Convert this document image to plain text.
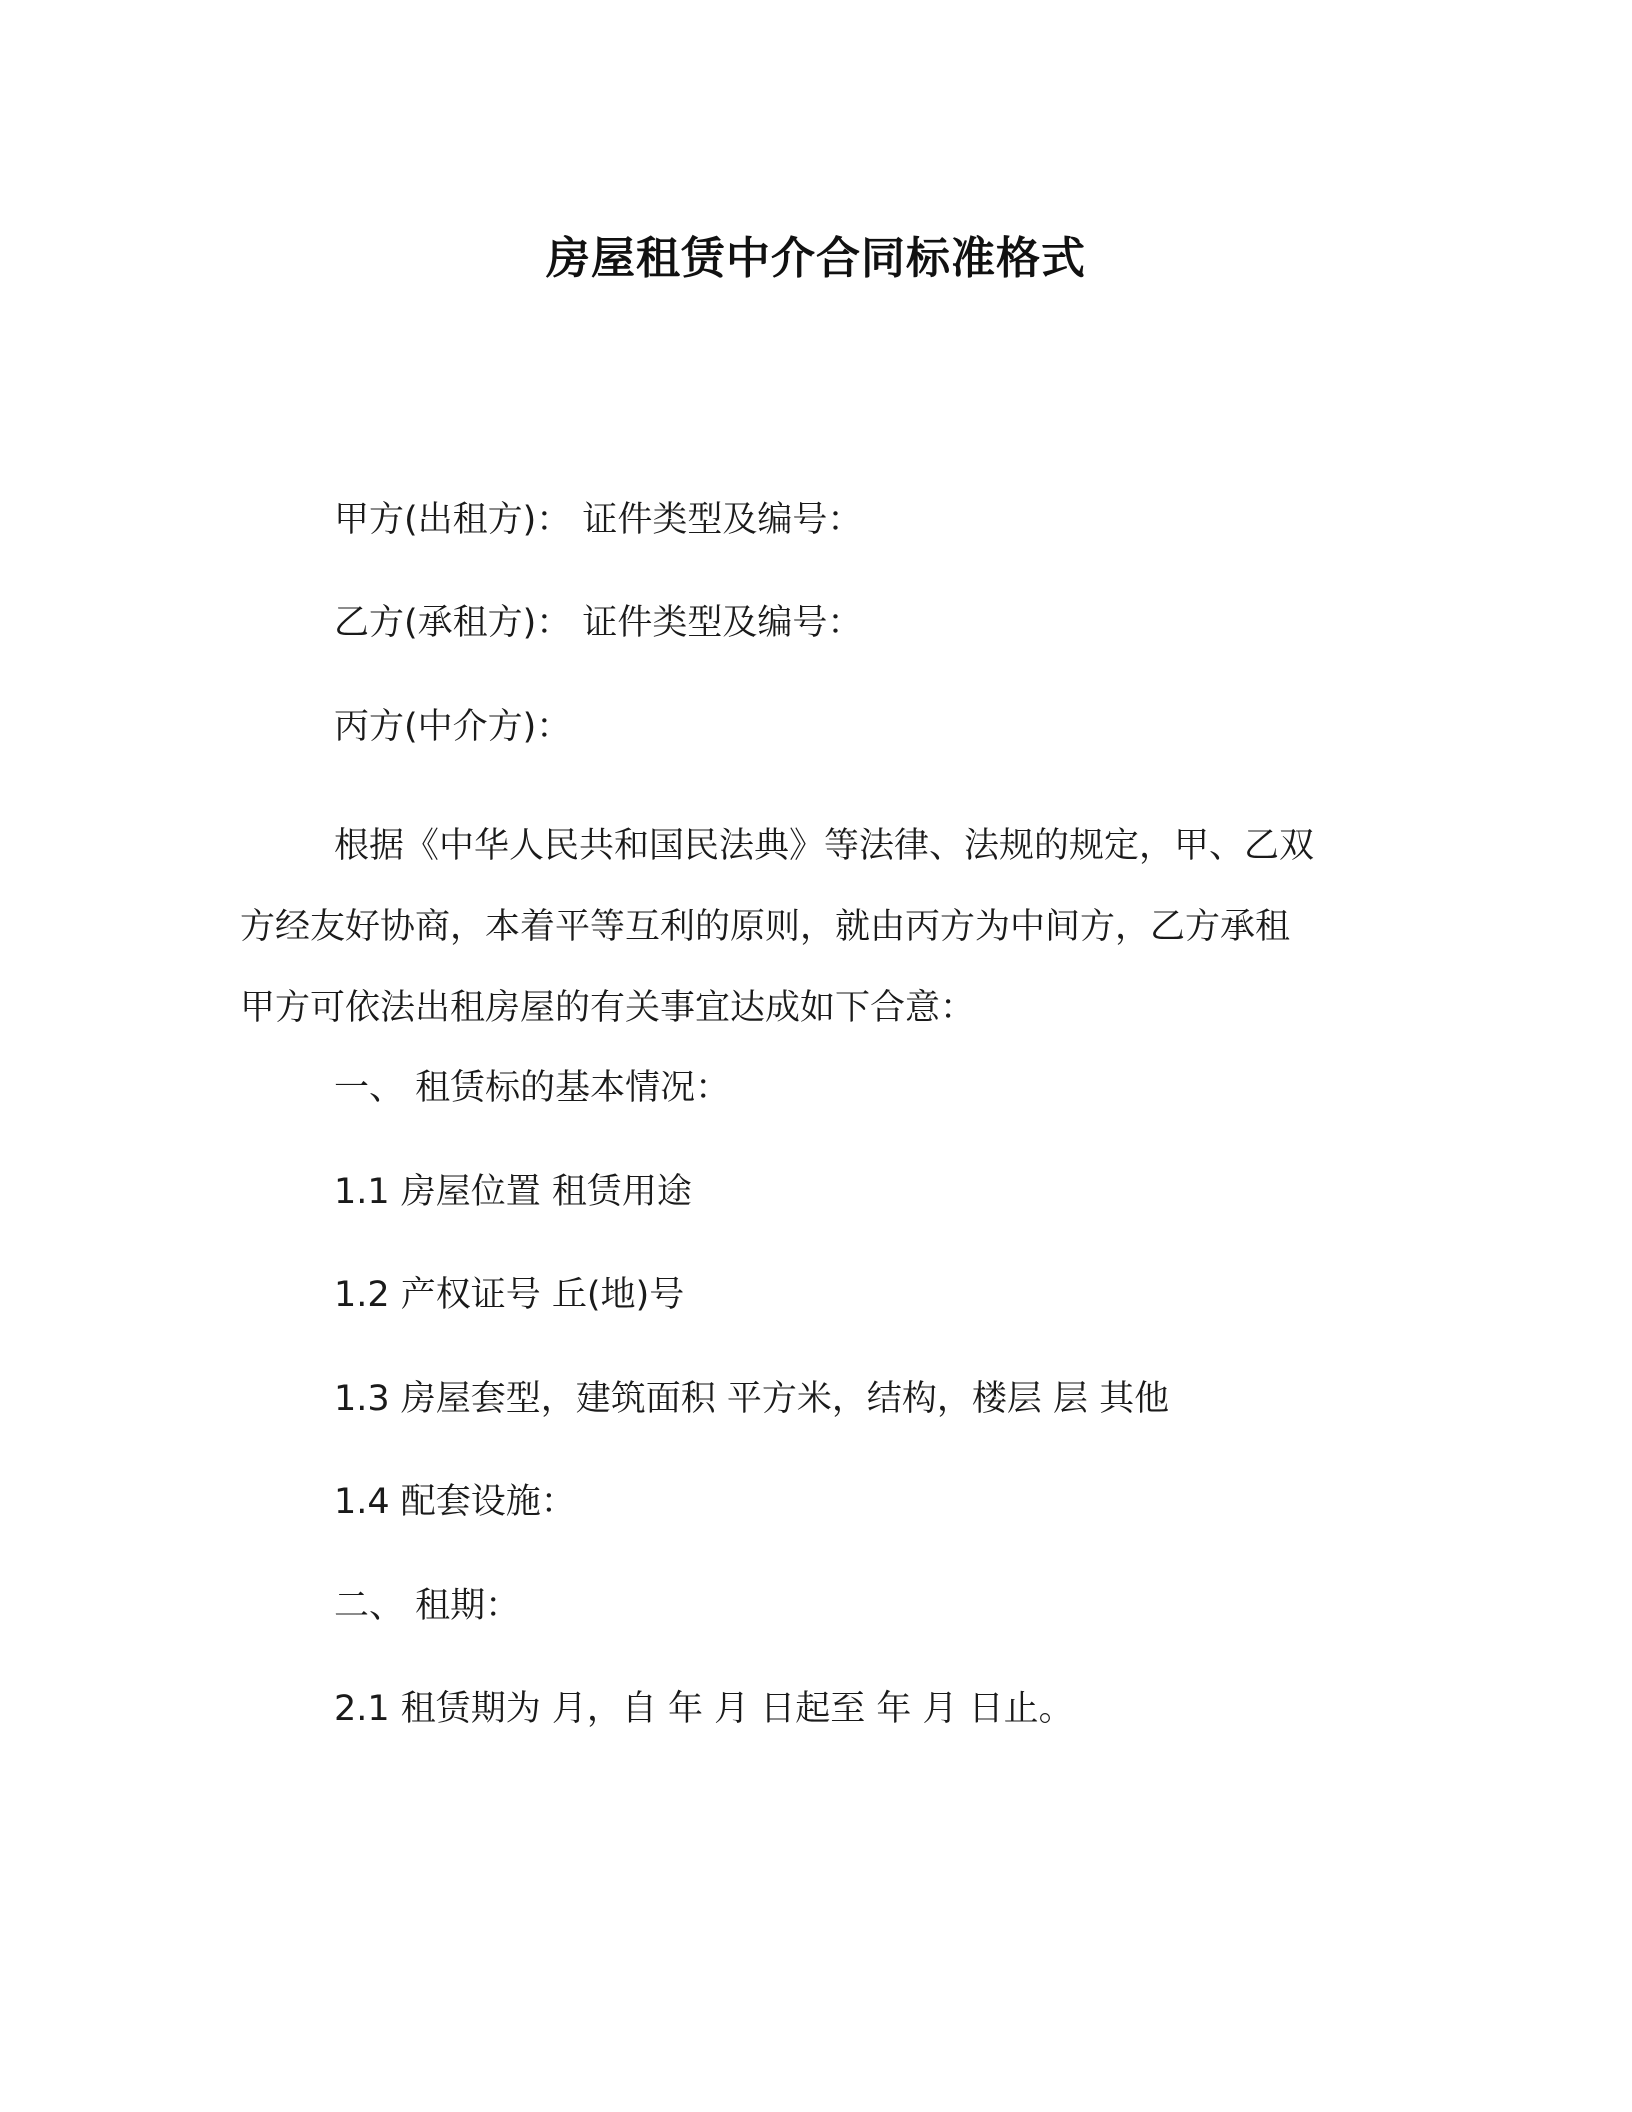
房屋租赁中介合同标准格式

甲方(出租方)： 证件类型及编号：

乙方(承租方)： 证件类型及编号：

丙方(中介方)：

根据《中华人民共和国民法典》等法律、法规的规定，甲、乙双
方经友好协商，本着平等互利的原则，就由丙方为中间方，乙方承租
甲方可依法出租房屋的有关事宜达成如下合意：

一、 租赁标的基本情况：

1.1 房屋位置 租赁用途

1.2 产权证号 丘(地)号

1.3 房屋套型，建筑面积 平方米，结构，楼层 层 其他

1.4 配套设施：

二、 租期：

2.1 租赁期为 月，自 年 月 日起至 年 月 日止。
